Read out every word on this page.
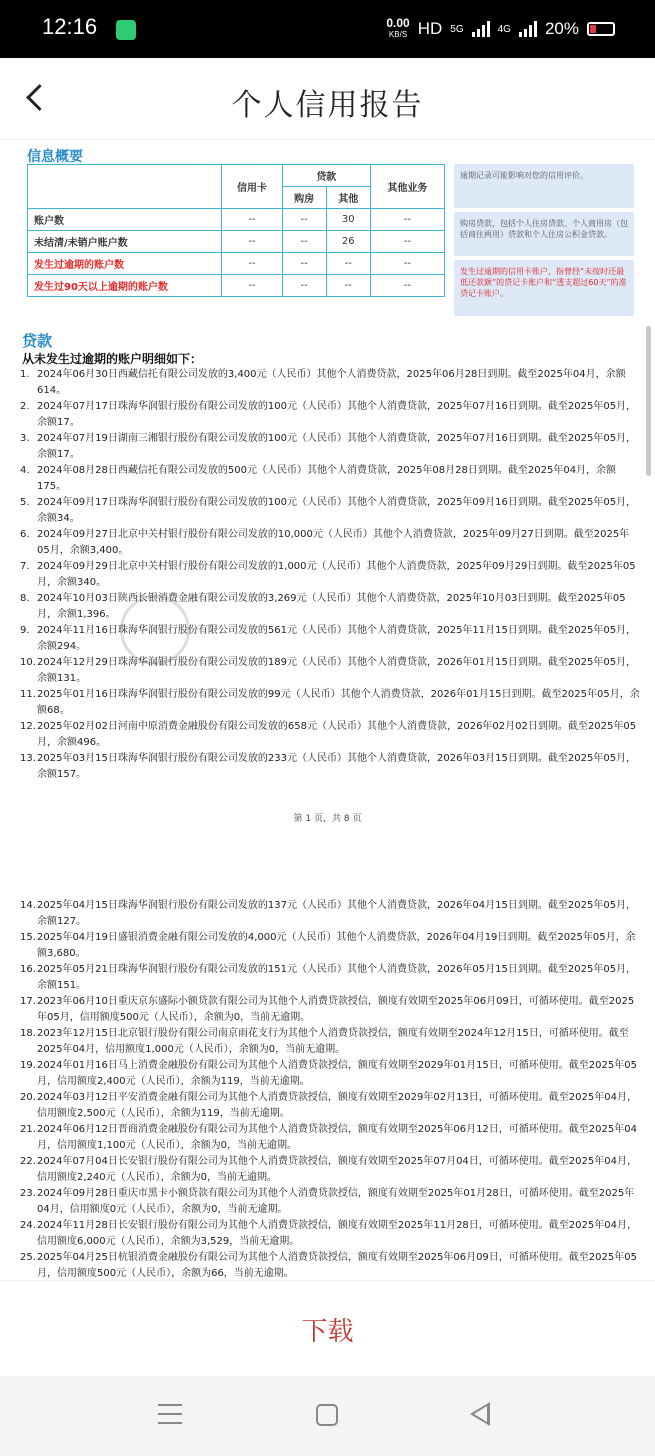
12:16	0.00
KB/S HD 5G	4G 20%
个人信用报告
信息概要
	信用卡	贷款		其他业务
		购房	其他	
账户数	--	--	30	--
未结清/未销户账户数	--	--	26	--
发生过逾期的账户数	--	--	--	--
发生过90天以上逾期的账户数	--	--	--	--
逾期记录可能影响对您的信用评价。
购房贷款，包括个人住房贷款、个人商用房（包括商住两用）贷款和个人住房公积金贷款。
发生过逾期的信用卡账户，指曾经“未按时还最低还款额”的贷记卡账户和“透支超过60天”的准贷记卡账户。
贷款
从未发生过逾期的账户明细如下：
1. 2024年06月30日西藏信托有限公司发放的3,400元（人民币）其他个人消费贷款，2025年06月28日到期。截至2025年04月，余额614。
2. 2024年07月17日珠海华润银行股份有限公司发放的100元（人民币）其他个人消费贷款，2025年07月16日到期。截至2025年05月，余额17。
3. 2024年07月19日湖南三湘银行股份有限公司发放的100元（人民币）其他个人消费贷款，2025年07月16日到期。截至2025年05月，余额17。
4. 2024年08月28日西藏信托有限公司发放的500元（人民币）其他个人消费贷款，2025年08月28日到期。截至2025年04月，余额175。
5. 2024年09月17日珠海华润银行股份有限公司发放的100元（人民币）其他个人消费贷款，2025年09月16日到期。截至2025年05月，余额34。
6. 2024年09月27日北京中关村银行股份有限公司发放的10,000元（人民币）其他个人消费贷款，2025年09月27日到期。截至2025年05月，余额3,400。
7. 2024年09月29日北京中关村银行股份有限公司发放的1,000元（人民币）其他个人消费贷款，2025年09月29日到期。截至2025年05月，余额340。
8. 2024年10月03日陕西长银消费金融有限公司发放的3,269元（人民币）其他个人消费贷款，2025年10月03日到期。截至2025年05月，余额1,396。
9. 2024年11月16日珠海华润银行股份有限公司发放的561元（人民币）其他个人消费贷款，2025年11月15日到期。截至2025年05月，余额294。
10. 2024年12月29日珠海华润银行股份有限公司发放的189元（人民币）其他个人消费贷款，2026年01月15日到期。截至2025年05月，余额131。
11. 2025年01月16日珠海华润银行股份有限公司发放的99元（人民币）其他个人消费贷款，2026年01月15日到期。截至2025年05月，余额68。
12. 2025年02月02日河南中原消费金融股份有限公司发放的658元（人民币）其他个人消费贷款，2026年02月02日到期。截至2025年05月，余额496。
13. 2025年03月15日珠海华润银行股份有限公司发放的233元（人民币）其他个人消费贷款，2026年03月15日到期。截至2025年05月，余额157。
第 1 页，共 8 页
14. 2025年04月15日珠海华润银行股份有限公司发放的137元（人民币）其他个人消费贷款，2026年04月15日到期。截至2025年05月，余额127。
15. 2025年04月19日盛银消费金融有限公司发放的4,000元（人民币）其他个人消费贷款，2026年04月19日到期。截至2025年05月，余额3,680。
16. 2025年05月21日珠海华润银行股份有限公司发放的151元（人民币）其他个人消费贷款，2026年05月15日到期。截至2025年05月，余额151。
17. 2023年06月10日重庆京东盛际小额贷款有限公司为其他个人消费贷款授信，额度有效期至2025年06月09日，可循环使用。截至2025年05月，信用额度500元（人民币），余额为0，当前无逾期。
18. 2023年12月15日北京银行股份有限公司南京雨花支行为其他个人消费贷款授信，额度有效期至2024年12月15日，可循环使用。截至2025年04月，信用额度1,000元（人民币），余额为0，当前无逾期。
19. 2024年01月16日马上消费金融股份有限公司为其他个人消费贷款授信，额度有效期至2029年01月15日，可循环使用。截至2025年05月，信用额度2,400元（人民币），余额为119，当前无逾期。
20. 2024年03月12日平安消费金融有限公司为其他个人消费贷款授信，额度有效期至2029年02月13日，可循环使用。截至2025年04月，信用额度2,500元（人民币），余额为119，当前无逾期。
21. 2024年06月12日晋商消费金融股份有限公司为其他个人消费贷款授信，额度有效期至2025年06月12日，可循环使用。截至2025年04月，信用额度1,100元（人民币），余额为0，当前无逾期。
22. 2024年07月04日长安银行股份有限公司为其他个人消费贷款授信，额度有效期至2025年07月04日，可循环使用。截至2025年04月，信用额度2,240元（人民币），余额为0，当前无逾期。
23. 2024年09月28日重庆市黑卡小额贷款有限公司为其他个人消费贷款授信，额度有效期至2025年01月28日，可循环使用。截至2025年04月，信用额度0元（人民币），余额为0，当前无逾期。
24. 2024年11月28日长安银行股份有限公司为其他个人消费贷款授信，额度有效期至2025年11月28日，可循环使用。截至2025年04月，信用额度6,000元（人民币），余额为3,529，当前无逾期。
25. 2025年04月25日杭银消费金融股份有限公司为其他个人消费贷款授信，额度有效期至2025年06月09日，可循环使用。截至2025年05月，信用额度500元（人民币），余额为66，当前无逾期。
下载
